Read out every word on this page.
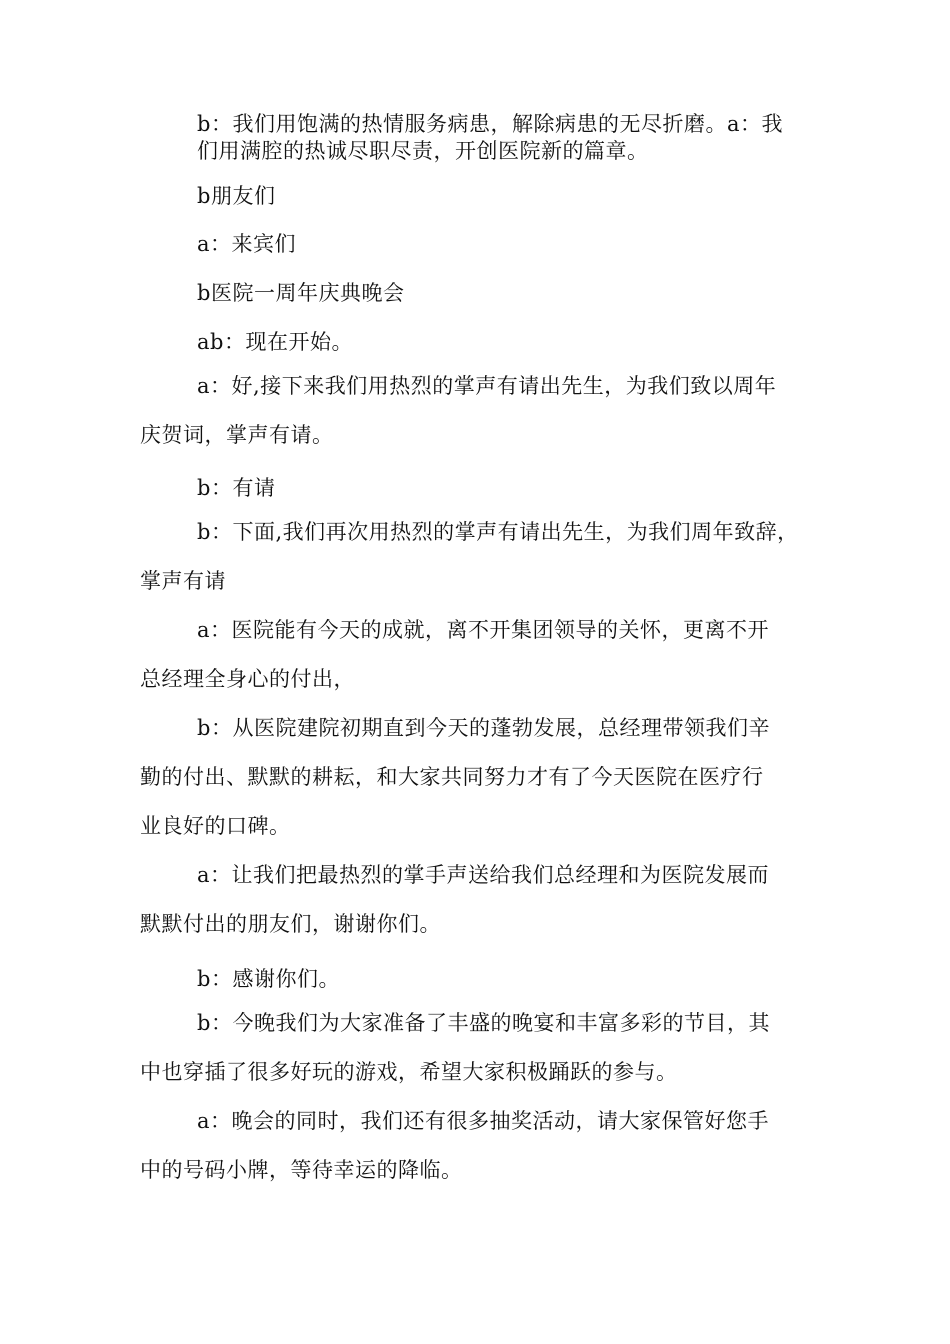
b：我们用饱满的热情服务病患，解除病患的无尽折磨。a：我
们用满腔的热诚尽职尽责，开创医院新的篇章。
b朋友们
a：来宾们
b医院一周年庆典晚会
ab：现在开始。
a：好,接下来我们用热烈的掌声有请出先生，为我们致以周年
庆贺词，掌声有请。
b：有请
b：下面,我们再次用热烈的掌声有请出先生，为我们周年致辞，
掌声有请
a：医院能有今天的成就，离不开集团领导的关怀，更离不开
总经理全身心的付出，
b：从医院建院初期直到今天的蓬勃发展，总经理带领我们辛
勤的付出、默默的耕耘，和大家共同努力才有了今天医院在医疗行
业良好的口碑。
a：让我们把最热烈的掌手声送给我们总经理和为医院发展而
默默付出的朋友们，谢谢你们。
b：感谢你们。
b：今晚我们为大家准备了丰盛的晚宴和丰富多彩的节目，其
中也穿插了很多好玩的游戏，希望大家积极踊跃的参与。
a：晚会的同时，我们还有很多抽奖活动，请大家保管好您手
中的号码小牌，等待幸运的降临。
